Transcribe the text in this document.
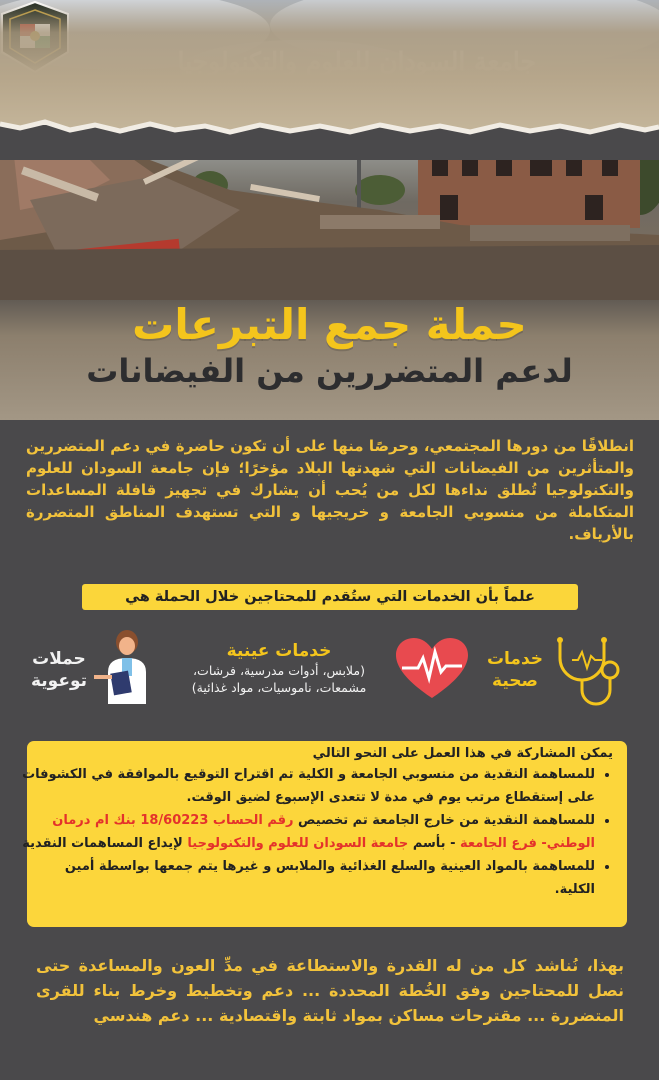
حملة جمع التبرعات
لدعم المتضررين من الفيضانات
انطلاقًا من دورها المجتمعي، وحرصًا منها على أن تكون حاضرة في دعم المتضررين والمتأثرين من الفيضانات التي شهدتها البلاد مؤخرًا؛ فإن جامعة السودان للعلوم والتكنولوجيا تُطلق نداءها لكل من يُحب أن يشارك في تجهيز قافلة المساعدات المتكاملة من منسوبي الجامعة و خريجيها و التي تستهدف المناطق المتضررة بالأرياف.
علماً بأن الخدمات التي ستُقدم للمحتاجين خلال الحملة هي
خدمات
صحية
خدمات عينية
(ملابس، أدوات مدرسية، فرشات،
مشمعات، ناموسيات، مواد غذائية)
حملات
توعوية
يمكن المشاركة في هذا العمل على النحو التالي
• للمساهمة النقدية من منسوبي الجامعة و الكلية تم اقتراح التوقيع بالموافقة في الكشوفات على إستقطاع مرتب يوم في مدة لا تتعدى الإسبوع لضيق الوقت.
• للمساهمة النقدية من خارج الجامعة تم تخصيص رقم الحساب 18/60223 بنك ام درمان الوطني- فرع الجامعة - بأسم جامعة السودان للعلوم والتكنولوجيا لإيداع المساهمات النقدية
• للمساهمة بالمواد العينية والسلع الغذائية والملابس و غيرها يتم جمعها بواسطة أمين الكلية.
بهذا، نُناشد كل من له القدرة والاستطاعة في مدِّ العون والمساعدة حتى نصل للمحتاجين وفق الخُطة المحددة ... دعم وتخطيط وخرط بناء للقرى المتضررة ... مقترحات مساكن بمواد ثابتة واقتصادية ... دعم هندسي
